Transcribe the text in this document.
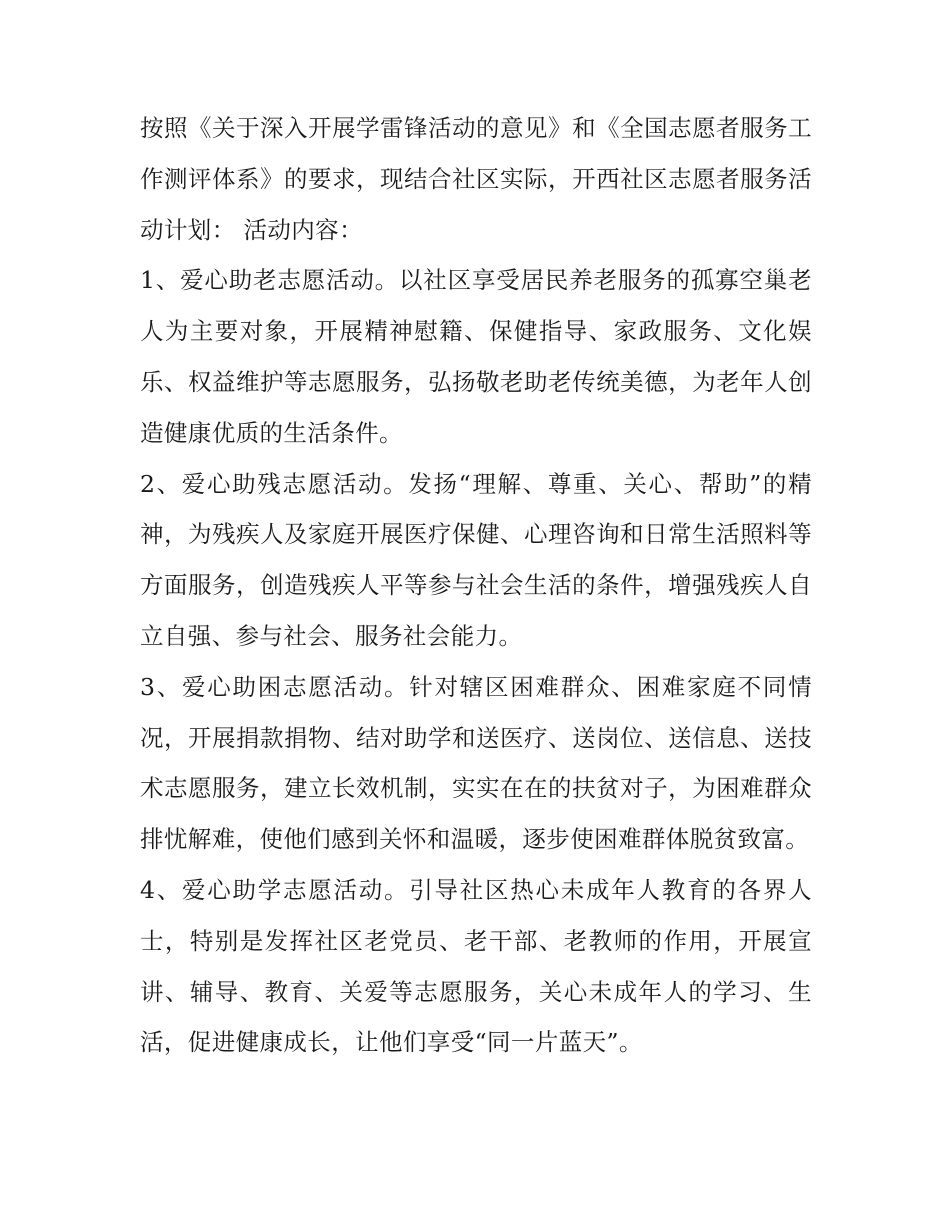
按照《关于深入开展学雷锋活动的意见》和《全国志愿者服务工作测评体系》的要求，现结合社区实际，开西社区志愿者服务活动计划： 活动内容：

1、爱心助老志愿活动。以社区享受居民养老服务的孤寡空巢老人为主要对象，开展精神慰籍、保健指导、家政服务、文化娱乐、权益维护等志愿服务，弘扬敬老助老传统美德，为老年人创造健康优质的生活条件。

2、爱心助残志愿活动。发扬“理解、尊重、关心、帮助”的精神，为残疾人及家庭开展医疗保健、心理咨询和日常生活照料等方面服务，创造残疾人平等参与社会生活的条件，增强残疾人自立自强、参与社会、服务社会能力。

3、爱心助困志愿活动。针对辖区困难群众、困难家庭不同情况，开展捐款捐物、结对助学和送医疗、送岗位、送信息、送技术志愿服务，建立长效机制，实实在在的扶贫对子，为困难群众排忧解难，使他们感到关怀和温暖，逐步使困难群体脱贫致富。

4、爱心助学志愿活动。引导社区热心未成年人教育的各界人士，特别是发挥社区老党员、老干部、老教师的作用，开展宣讲、辅导、教育、关爱等志愿服务，关心未成年人的学习、生活，促进健康成长，让他们享受“同一片蓝天”。
